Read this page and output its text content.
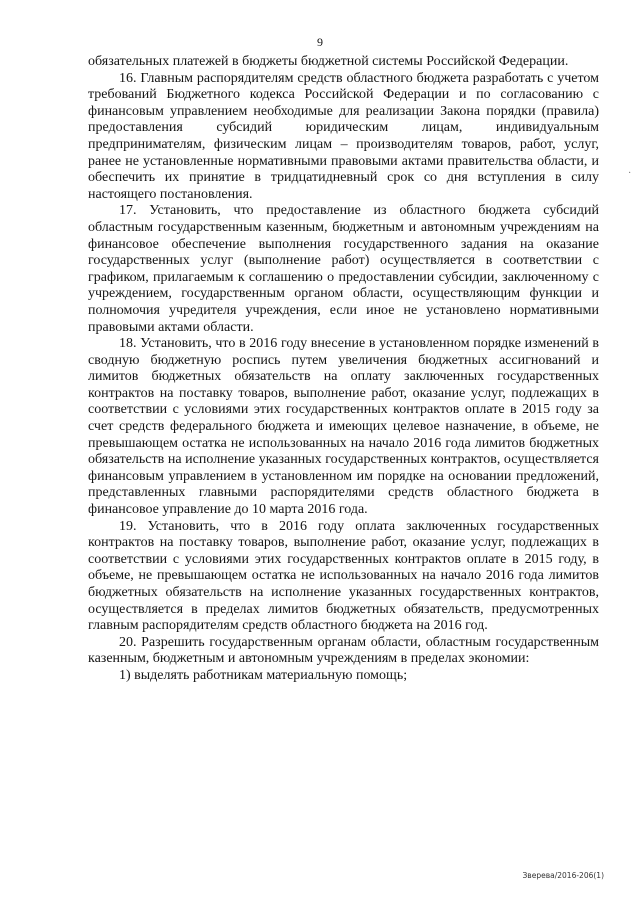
9
·

обязательных платежей в бюджеты бюджетной системы Российской Федерации.

16. Главным распорядителям средств областного бюджета разработать с учетом требований Бюджетного кодекса Российской Федерации и по согласованию с финансовым управлением необходимые для реализации Закона порядки (правила) предоставления субсидий юридическим лицам, индивидуальным предпринимателям, физическим лицам – производителям товаров, работ, услуг, ранее не установленные нормативными правовыми актами правительства области, и обеспечить их принятие в тридцатидневный срок со дня вступления в силу настоящего постановления.

17. Установить, что предоставление из областного бюджета субсидий областным государственным казенным, бюджетным и автономным учреждениям на финансовое обеспечение выполнения государственного задания на оказание государственных услуг (выполнение работ) осуществляется в соответствии с графиком, прилагаемым к соглашению о предоставлении субсидии, заключенному с учреждением, государственным органом области, осуществляющим функции и полномочия учредителя учреждения, если иное не установлено нормативными правовыми актами области.

18. Установить, что в 2016 году внесение в установленном порядке изменений в сводную бюджетную роспись путем увеличения бюджетных ассигнований и лимитов бюджетных обязательств на оплату заключенных государственных контрактов на поставку товаров, выполнение работ, оказание услуг, подлежащих в соответствии с условиями этих государственных контрактов оплате в 2015 году за счет средств федерального бюджета и имеющих целевое назначение, в объеме, не превышающем остатка не использованных на начало 2016 года лимитов бюджетных обязательств на исполнение указанных государственных контрактов, осуществляется финансовым управлением в установленном им порядке на основании предложений, представленных главными распорядителями средств областного бюджета в финансовое управление до 10 марта 2016 года.

19. Установить, что в 2016 году оплата заключенных государственных контрактов на поставку товаров, выполнение работ, оказание услуг, подлежащих в соответствии с условиями этих государственных контрактов оплате в 2015 году, в объеме, не превышающем остатка не использованных на начало 2016 года лимитов бюджетных обязательств на исполнение указанных государственных контрактов, осуществляется в пределах лимитов бюджетных обязательств, предусмотренных главным распорядителям средств областного бюджета на 2016 год.

20. Разрешить государственным органам области, областным государственным казенным, бюджетным и автономным учреждениям в пределах экономии:

1) выделять работникам материальную помощь;

Зверева/2016-206(1)
